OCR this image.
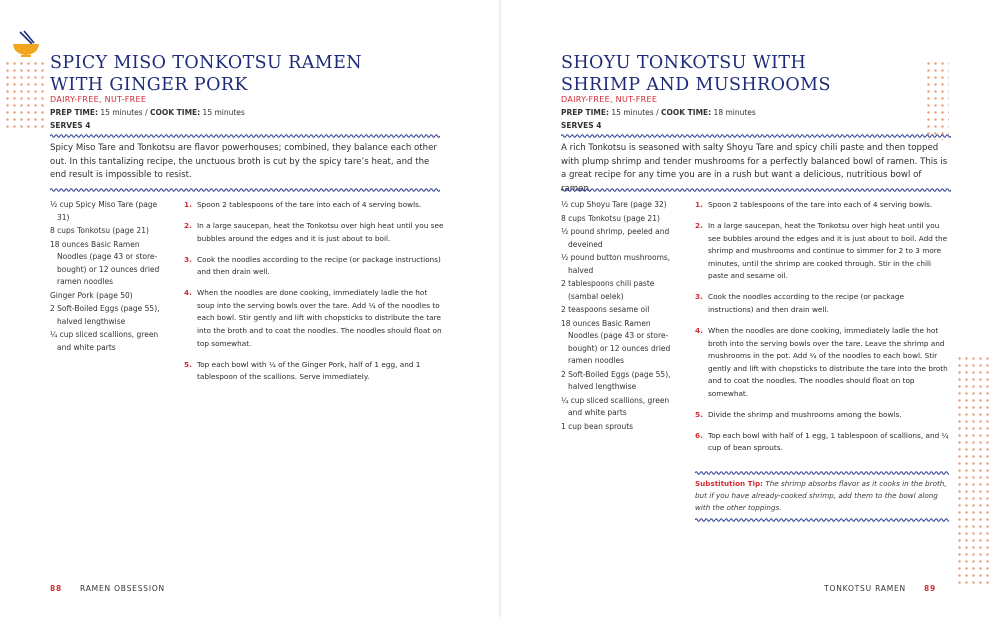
SPICY MISO TONKOTSU RAMEN WITH GINGER PORK
DAIRY-FREE, NUT-FREE
PREP TIME: 15 minutes / COOK TIME: 15 minutes
SERVES 4

Spicy Miso Tare and Tonkotsu are flavor powerhouses; combined, they balance each other out. In this tantalizing recipe, the unctuous broth is cut by the spicy tare’s heat, and the end result is impossible to resist.

½ cup Spicy Miso Tare (page 31)
8 cups Tonkotsu (page 21)
18 ounces Basic Ramen Noodles (page 43 or store-bought) or 12 ounces dried ramen noodles
Ginger Pork (page 50)
2 Soft-Boiled Eggs (page 55), halved lengthwise
¼ cup sliced scallions, green and white parts
1. Spoon 2 tablespoons of the tare into each of 4 serving bowls.
2. In a large saucepan, heat the Tonkotsu over high heat until you see bubbles around the edges and it is just about to boil.
3. Cook the noodles according to the recipe (or package instructions) and then drain well.
4. When the noodles are done cooking, immediately ladle the hot soup into the serving bowls over the tare. Add ¼ of the noodles to each bowl. Stir gently and lift with chopsticks to distribute the tare into the broth and to coat the noodles. The noodles should float on top somewhat.
5. Top each bowl with ¼ of the Ginger Pork, half of 1 egg, and 1 tablespoon of the scallions. Serve immediately.
88 RAMEN OBSESSION
SHOYU TONKOTSU WITH SHRIMP AND MUSHROOMS
DAIRY-FREE, NUT-FREE
PREP TIME: 15 minutes / COOK TIME: 18 minutes
SERVES 4

A rich Tonkotsu is seasoned with salty Shoyu Tare and spicy chili paste and then topped with plump shrimp and tender mushrooms for a perfectly balanced bowl of ramen. This is a great recipe for any time you are in a rush but want a delicious, nutritious bowl of ramen.

½ cup Shoyu Tare (page 32)
8 cups Tonkotsu (page 21)
½ pound shrimp, peeled and deveined
½ pound button mushrooms, halved
2 tablespoons chili paste (sambal oelek)
2 teaspoons sesame oil
18 ounces Basic Ramen Noodles (page 43 or store-bought) or 12 ounces dried ramen noodles
2 Soft-Boiled Eggs (page 55), halved lengthwise
¼ cup sliced scallions, green and white parts
1 cup bean sprouts
1. Spoon 2 tablespoons of the tare into each of 4 serving bowls.
2. In a large saucepan, heat the Tonkotsu over high heat until you see bubbles around the edges and it is just about to boil. Add the shrimp and mushrooms and continue to simmer for 2 to 3 more minutes, until the shrimp are cooked through. Stir in the chili paste and sesame oil.
3. Cook the noodles according to the recipe (or package instructions) and then drain well.
4. When the noodles are done cooking, immediately ladle the hot broth into the serving bowls over the tare. Leave the shrimp and mushrooms in the pot. Add ¼ of the noodles to each bowl. Stir gently and lift with chopsticks to distribute the tare into the broth and to coat the noodles. The noodles should float on top somewhat.
5. Divide the shrimp and mushrooms among the bowls.
6. Top each bowl with half of 1 egg, 1 tablespoon of scallions, and ¼ cup of bean sprouts.

Substitution Tip: The shrimp absorbs flavor as it cooks in the broth, but if you have already-cooked shrimp, add them to the bowl along with the other toppings.

TONKOTSU RAMEN 89
